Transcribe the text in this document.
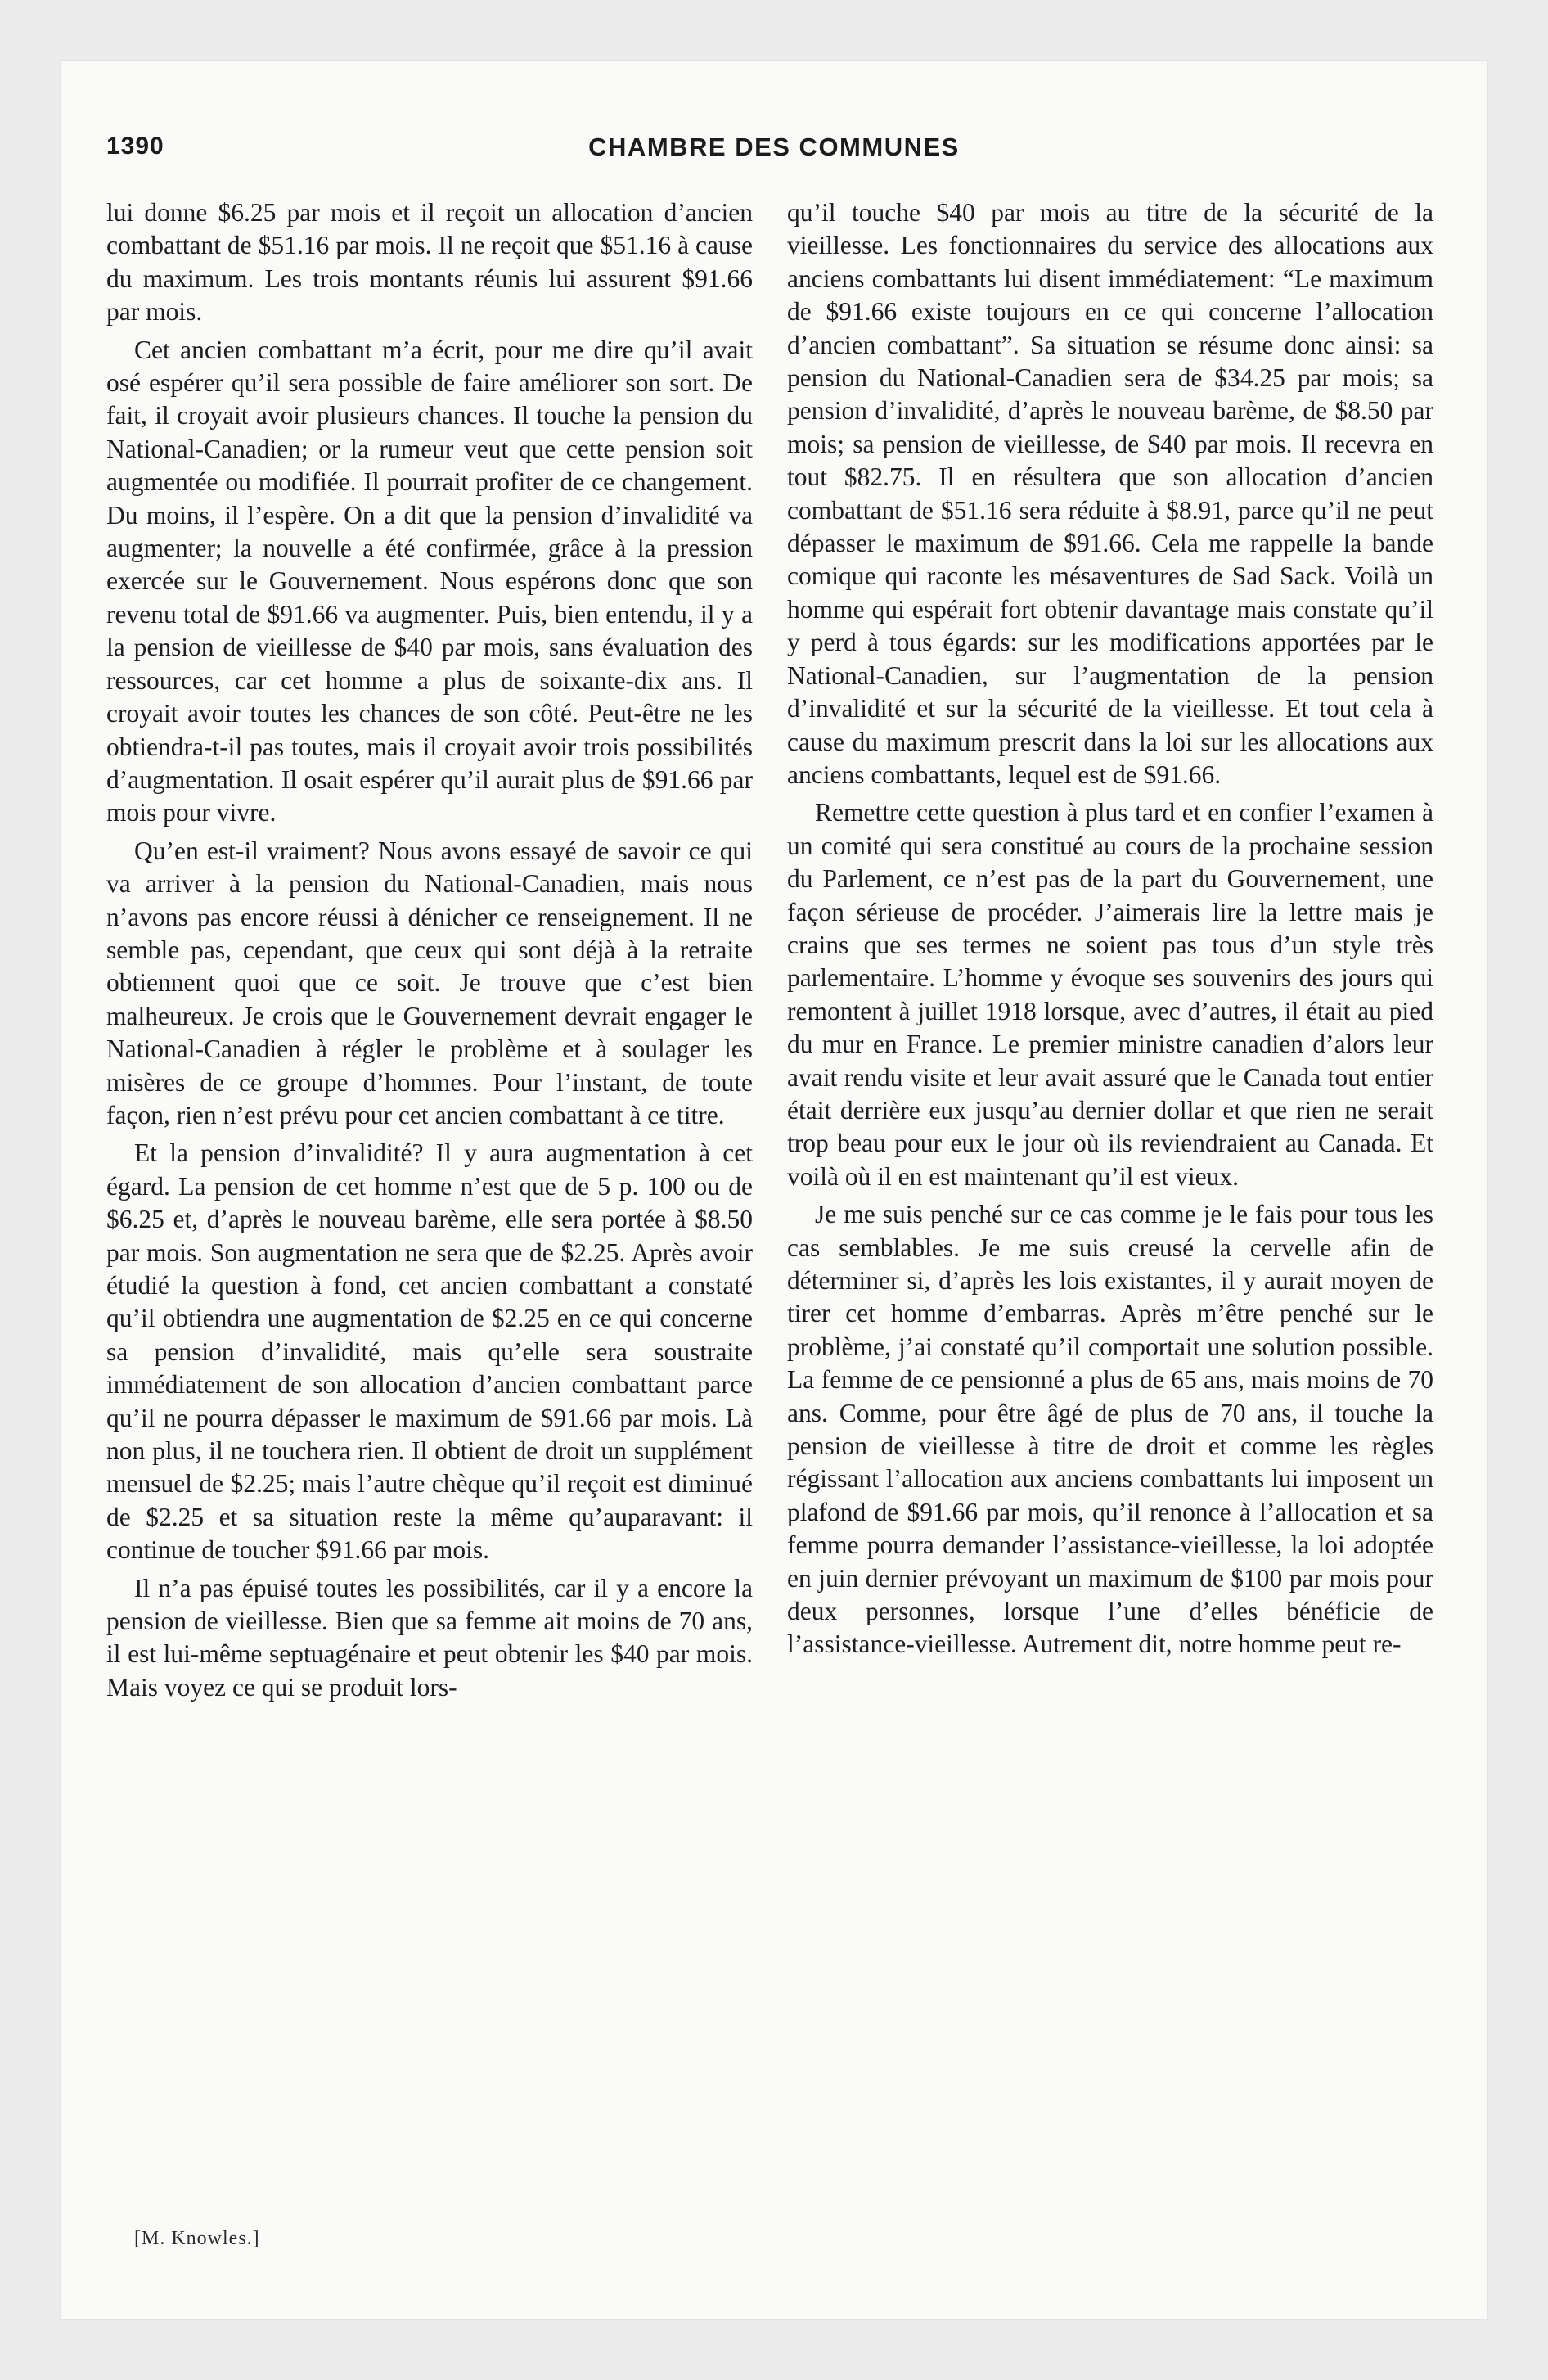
1390	CHAMBRE DES COMMUNES

lui donne $6.25 par mois et il reçoit un allocation d’ancien combattant de $51.16 par mois. Il ne reçoit que $51.16 à cause du maximum. Les trois montants réunis lui assurent $91.66 par mois.

Cet ancien combattant m’a écrit, pour me dire qu’il avait osé espérer qu’il sera possible de faire améliorer son sort. De fait, il croyait avoir plusieurs chances. Il touche la pension du National-Canadien; or la rumeur veut que cette pension soit augmentée ou modifiée. Il pourrait profiter de ce changement. Du moins, il l’espère. On a dit que la pension d’invalidité va augmenter; la nouvelle a été confirmée, grâce à la pression exercée sur le Gouvernement. Nous espérons donc que son revenu total de $91.66 va augmenter. Puis, bien entendu, il y a la pension de vieillesse de $40 par mois, sans évaluation des ressources, car cet homme a plus de soixante-dix ans. Il croyait avoir toutes les chances de son côté. Peut-être ne les obtiendra-t-il pas toutes, mais il croyait avoir trois possibilités d’augmentation. Il osait espérer qu’il aurait plus de $91.66 par mois pour vivre.

Qu’en est-il vraiment? Nous avons essayé de savoir ce qui va arriver à la pension du National-Canadien, mais nous n’avons pas encore réussi à dénicher ce renseignement. Il ne semble pas, cependant, que ceux qui sont déjà à la retraite obtiennent quoi que ce soit. Je trouve que c’est bien malheureux. Je crois que le Gouvernement devrait engager le National-Canadien à régler le problème et à soulager les misères de ce groupe d’hommes. Pour l’instant, de toute façon, rien n’est prévu pour cet ancien combattant à ce titre.

Et la pension d’invalidité? Il y aura augmentation à cet égard. La pension de cet homme n’est que de 5 p. 100 ou de $6.25 et, d’après le nouveau barème, elle sera portée à $8.50 par mois. Son augmentation ne sera que de $2.25. Après avoir étudié la question à fond, cet ancien combattant a constaté qu’il obtiendra une augmentation de $2.25 en ce qui concerne sa pension d’invalidité, mais qu’elle sera soustraite immédiatement de son allocation d’ancien combattant parce qu’il ne pourra dépasser le maximum de $91.66 par mois. Là non plus, il ne touchera rien. Il obtient de droit un supplément mensuel de $2.25; mais l’autre chèque qu’il reçoit est diminué de $2.25 et sa situation reste la même qu’auparavant: il continue de toucher $91.66 par mois.

Il n’a pas épuisé toutes les possibilités, car il y a encore la pension de vieillesse. Bien que sa femme ait moins de 70 ans, il est lui-même septuagénaire et peut obtenir les $40 par mois. Mais voyez ce qui se produit lors-

qu’il touche $40 par mois au titre de la sécurité de la vieillesse. Les fonctionnaires du service des allocations aux anciens combattants lui disent immédiatement: “Le maximum de $91.66 existe toujours en ce qui concerne l’allocation d’ancien combattant”. Sa situation se résume donc ainsi: sa pension du National-Canadien sera de $34.25 par mois; sa pension d’invalidité, d’après le nouveau barème, de $8.50 par mois; sa pension de vieillesse, de $40 par mois. Il recevra en tout $82.75. Il en résultera que son allocation d’ancien combattant de $51.16 sera réduite à $8.91, parce qu’il ne peut dépasser le maximum de $91.66. Cela me rappelle la bande comique qui raconte les mésaventures de Sad Sack. Voilà un homme qui espérait fort obtenir davantage mais constate qu’il y perd à tous égards: sur les modifications apportées par le National-Canadien, sur l’augmentation de la pension d’invalidité et sur la sécurité de la vieillesse. Et tout cela à cause du maximum prescrit dans la loi sur les allocations aux anciens combattants, lequel est de $91.66.

Remettre cette question à plus tard et en confier l’examen à un comité qui sera constitué au cours de la prochaine session du Parlement, ce n’est pas de la part du Gouvernement, une façon sérieuse de procéder. J’aimerais lire la lettre mais je crains que ses termes ne soient pas tous d’un style très parlementaire. L’homme y évoque ses souvenirs des jours qui remontent à juillet 1918 lorsque, avec d’autres, il était au pied du mur en France. Le premier ministre canadien d’alors leur avait rendu visite et leur avait assuré que le Canada tout entier était derrière eux jusqu’au dernier dollar et que rien ne serait trop beau pour eux le jour où ils reviendraient au Canada. Et voilà où il en est maintenant qu’il est vieux.

Je me suis penché sur ce cas comme je le fais pour tous les cas semblables. Je me suis creusé la cervelle afin de déterminer si, d’après les lois existantes, il y aurait moyen de tirer cet homme d’embarras. Après m’être penché sur le problème, j’ai constaté qu’il comportait une solution possible. La femme de ce pensionné a plus de 65 ans, mais moins de 70 ans. Comme, pour être âgé de plus de 70 ans, il touche la pension de vieillesse à titre de droit et comme les règles régissant l’allocation aux anciens combattants lui imposent un plafond de $91.66 par mois, qu’il renonce à l’allocation et sa femme pourra demander l’assistance-vieillesse, la loi adoptée en juin dernier prévoyant un maximum de $100 par mois pour deux personnes, lorsque l’une d’elles bénéficie de l’assistance-vieillesse. Autrement dit, notre homme peut re-

[M. Knowles.]
